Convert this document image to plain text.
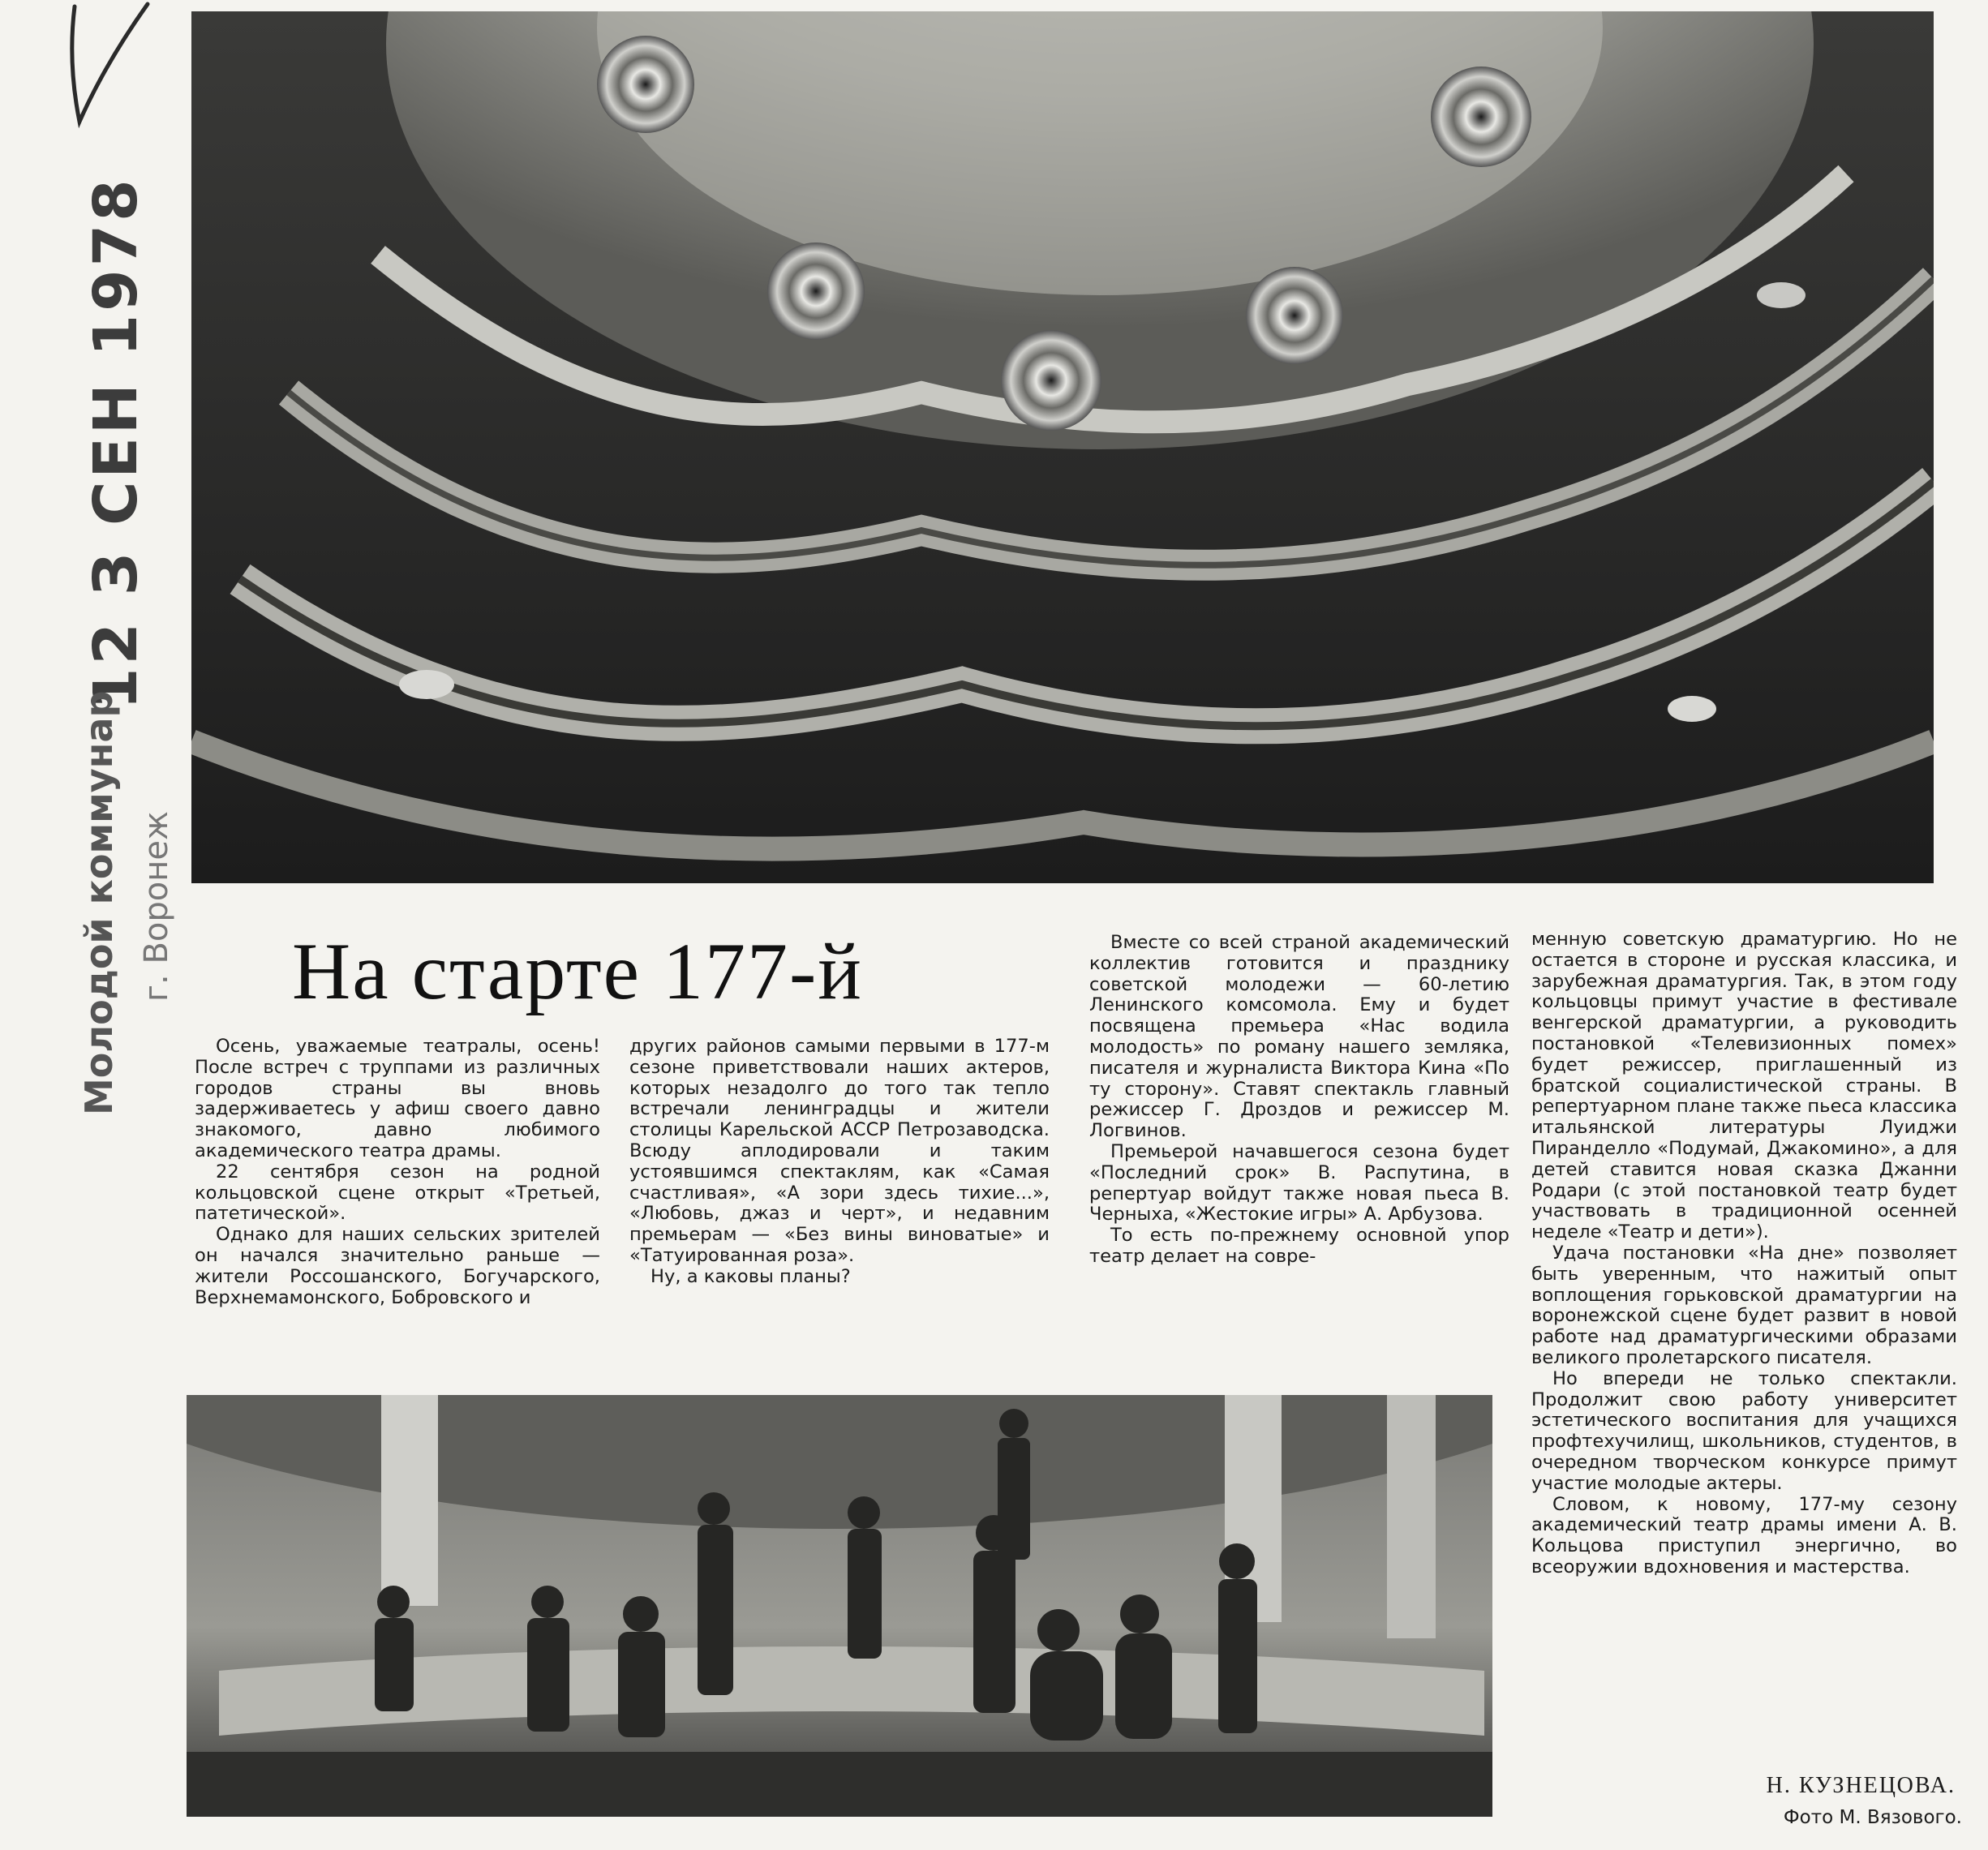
12 З СЕН 1978
Молодой коммунар г. Воронеж На старте 177-й

Осень, уважаемые театралы, осень! После встреч с труппами из различных городов страны вы вновь задерживаетесь у афиш своего давно знакомого, давно любимого академического театра драмы.

22 сентября сезон на родной кольцовской сцене открыт «Третьей, патетической».

Однако для наших сельских зрителей он начался значительно раньше — жители Россошанского, Богучарского, Верхнемамонского, Бобровского и

других районов самыми первыми в 177-м сезоне приветствовали наших актеров, которых незадолго до того так тепло встречали ленинградцы и жители столицы Карельской АССР Петрозаводска. Всюду аплодировали и таким устоявшимся спектаклям, как «Самая счастливая», «А зори здесь тихие...», «Любовь, джаз и черт», и недавним премьерам — «Без вины виноватые» и «Татуированная роза».

Ну, а каковы планы?

Вместе со всей страной академический коллектив готовится и празднику советской молодежи — 60-летию Ленинского комсомола. Ему и будет посвящена премьера «Нас водила молодость» по роману нашего земляка, писателя и журналиста Виктора Кина «По ту сторону». Ставят спектакль главный режиссер Г. Дроздов и режиссер М. Логвинов.

Премьерой начавшегося сезона будет «Последний срок» В. Распутина, в репертуар войдут также новая пьеса В. Черныха, «Жестокие игры» А. Арбузова.

То есть по-прежнему основной упор театр делает на совре-

менную советскую драматургию. Но не остается в стороне и русская классика, и зарубежная драматургия. Так, в этом году кольцовцы примут участие в фестивале венгерской драматургии, а руководить постановкой «Телевизионных помех» будет режиссер, приглашенный из братской социалистической страны. В репертуарном плане также пьеса классика итальянской литературы Луиджи Пиранделло «Подумай, Джакомино», а для детей ставится новая сказка Джанни Родари (с этой постановкой театр будет участвовать в традиционной осенней неделе «Театр и дети»).

Удача постановки «На дне» позволяет быть уверенным, что нажитый опыт воплощения горьковской драматургии на воронежской сцене будет развит в новой работе над драматургическими образами великого пролетарского писателя.

Но впереди не только спектакли. Продолжит свою работу университет эстетического воспитания для учащихся профтехучилищ, школьников, студентов, в очередном творческом конкурсе примут участие молодые актеры.

Словом, к новому, 177-му сезону академический театр драмы имени А. В. Кольцова приступил энергично, во всеоружии вдохновения и мастерства.

Н. КУЗНЕЦОВА.
Фото М. Вязового.
